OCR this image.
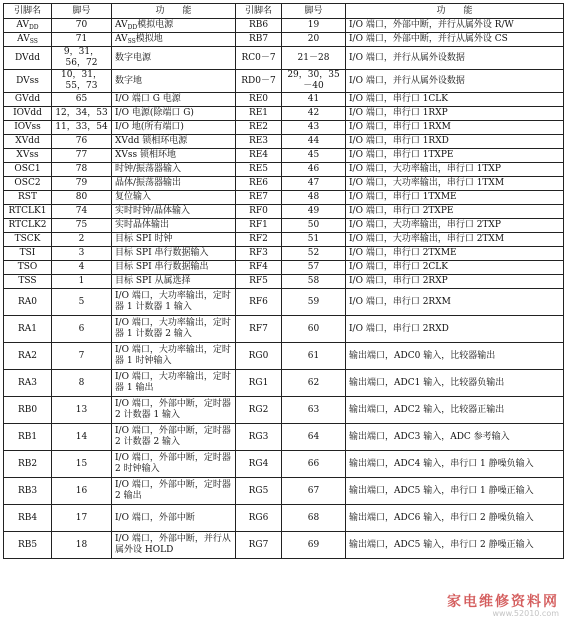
引脚名	脚号	功　　能	引脚名	脚号	功　　能
$AV_{DD}$	70	$AV_{DD}$模拟电源	RB6	19	I/O 端口，外部中断，并行从属外设 R/W
$AV_{SS}$	71	$AV_{SS}$模拟地	RB7	20	I/O 端口，外部中断，并行从属外设 CS
DVdd	9，31，56，72	数字电源	RC0－7	21－28	I/O 端口，并行从属外设数据
DVss	10，31，55，73	数字地	RD0－7	29，30，35－40	I/O 端口，并行从属外设数据
GVdd	65	I/O 端口 G 电源	RE0	41	I/O 端口，串行口 1CLK
IOVdd	12，34，53	I/O 电源(除端口 G)	RE1	42	I/O 端口，串行口 1RXP
IOVss	11，33，54	I/O 地(所有端口)	RE2	43	I/O 端口，串行口 1RXM
XVdd	76	XVdd 锁相环电源	RE3	44	I/O 端口，串行口 1RXD
XVss	77	XVss 锁相环地	RE4	45	I/O 端口，串行口 1TXPE
OSC1	78	时钟/振荡器输入	RE5	46	I/O 端口，大功率输出，串行口 1TXP
OSC2	79	晶体/振荡器输出	RE6	47	I/O 端口，大功率输出，串行口 1TXM
RST	80	复位输入	RE7	48	I/O 端口，串行口 1TXME
RTCLK1	74	实时时钟/晶体输入	RF0	49	I/O 端口，串行口 2TXPE
RTCLK2	75	实时晶体输出	RF1	50	I/O 端口，大功率输出，串行口 2TXP
TSCK	2	目标 SPI 时钟	RF2	51	I/O 端口，大功率输出，串行口 2TXM
TSI	3	目标 SPI 串行数据输入	RF3	52	I/O 端口，串行口 2TXME
TSO	4	目标 SPI 串行数据输出	RF4	57	I/O 端口，串行口 2CLK
TSS	1	目标 SPI 从属选择	RF5	58	I/O 端口，串行口 2RXP
RA0	5	I/O 端口，大功率输出，定时器 1 计数器 1 输入	RF6	59	I/O 端口，串行口 2RXM
RA1	6	I/O 端口，大功率输出，定时器 1 计数器 2 输入	RF7	60	I/O 端口，串行口 2RXD
RA2	7	I/O 端口，大功率输出，定时器 1 时钟输入	RG0	61	输出端口，ADC0 输入，比较器输出
RA3	8	I/O 端口，大功率输出，定时器 1 输出	RG1	62	输出端口，ADC1 输入，比较器负输出
RB0	13	I/O 端口，外部中断，定时器 2 计数器 1 输入	RG2	63	输出端口，ADC2 输入，比较器正输出
RB1	14	I/O 端口，外部中断，定时器 2 计数器 2 输入	RG3	64	输出端口，ADC3 输入，ADC 参考输入
RB2	15	I/O 端口，外部中断，定时器 2 时钟输入	RG4	66	输出端口，ADC4 输入，串行口 1 静噪负输入
RB3	16	I/O 端口，外部中断，定时器 2 输出	RG5	67	输出端口，ADC5 输入，串行口 1 静噪正输入
RB4	17	I/O 端口，外部中断	RG6	68	输出端口，ADC6 输入，串行口 2 静噪负输入
RB5	18	I/O 端口，外部中断，并行从属外设 HOLD	RG7	69	输出端口，ADC5 输入，串行口 2 静噪正输入
家电维修资料网
www.52010.com
